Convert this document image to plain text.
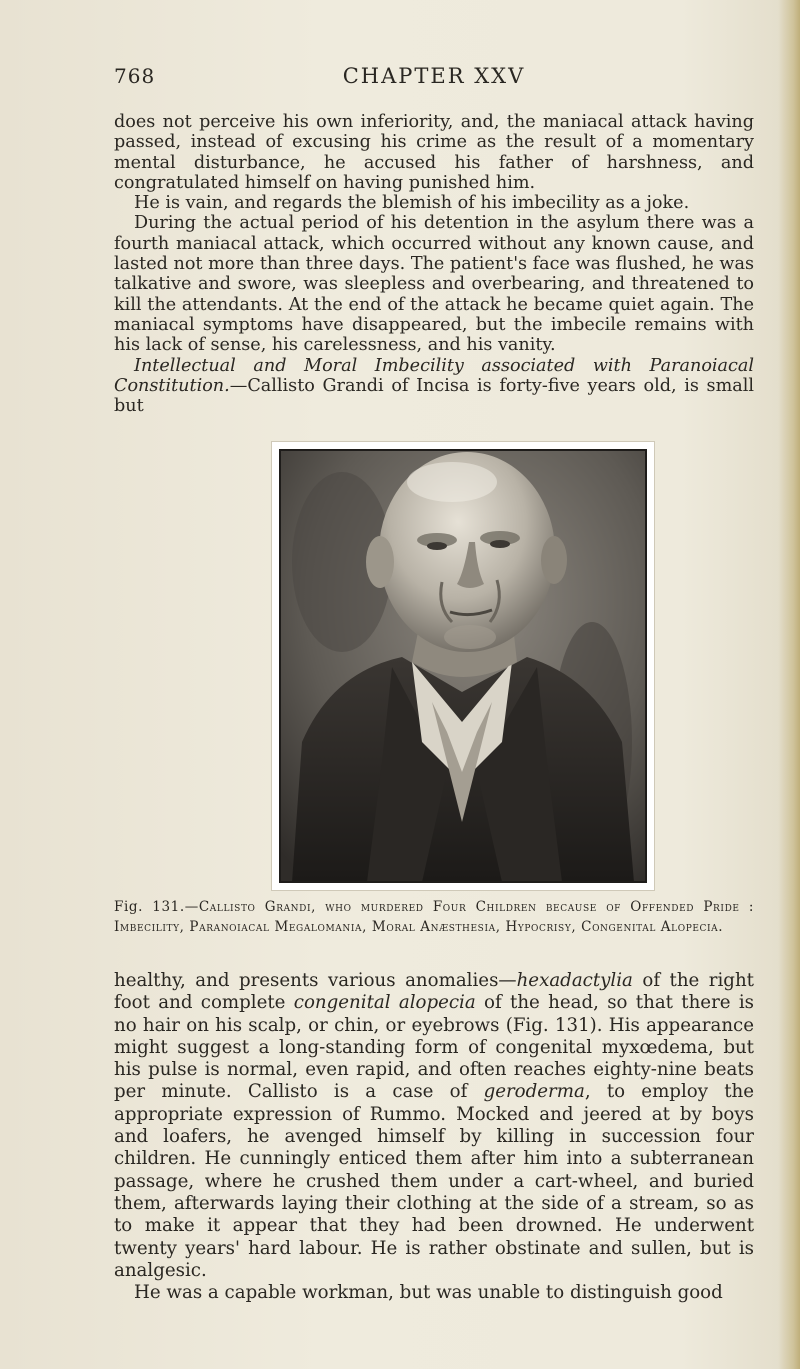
768	CHAPTER XXV

does not perceive his own inferiority, and, the maniacal attack having passed, instead of excusing his crime as the result of a momentary mental disturbance, he accused his father of harshness, and congratulated himself on having punished him.

He is vain, and regards the blemish of his imbecility as a joke.

During the actual period of his detention in the asylum there was a fourth maniacal attack, which occurred without any known cause, and lasted not more than three days. The patient's face was flushed, he was talkative and swore, was sleepless and overbearing, and threatened to kill the attendants. At the end of the attack he became quiet again. The maniacal symptoms have disappeared, but the imbecile remains with his lack of sense, his carelessness, and his vanity.

Intellectual and Moral Imbecility associated with Paranoiacal Constitution.—Callisto Grandi of Incisa is forty-five years old, is small but

Fig. 131.—Callisto Grandi, who murdered Four Children because of Offended Pride : Imbecility, Paranoiacal Megalomania, Moral Anæsthesia, Hypocrisy, Congenital Alopecia.

healthy, and presents various anomalies—hexadactylia of the right foot and complete congenital alopecia of the head, so that there is no hair on his scalp, or chin, or eyebrows (Fig. 131). His appearance might suggest a long-standing form of congenital myxœdema, but his pulse is normal, even rapid, and often reaches eighty-nine beats per minute. Callisto is a case of geroderma, to employ the appropriate expression of Rummo. Mocked and jeered at by boys and loafers, he avenged himself by killing in succession four children. He cunningly enticed them after him into a subterranean passage, where he crushed them under a cart-wheel, and buried them, afterwards laying their clothing at the side of a stream, so as to make it appear that they had been drowned. He underwent twenty years' hard labour. He is rather obstinate and sullen, but is analgesic.

He was a capable workman, but was unable to distinguish good
